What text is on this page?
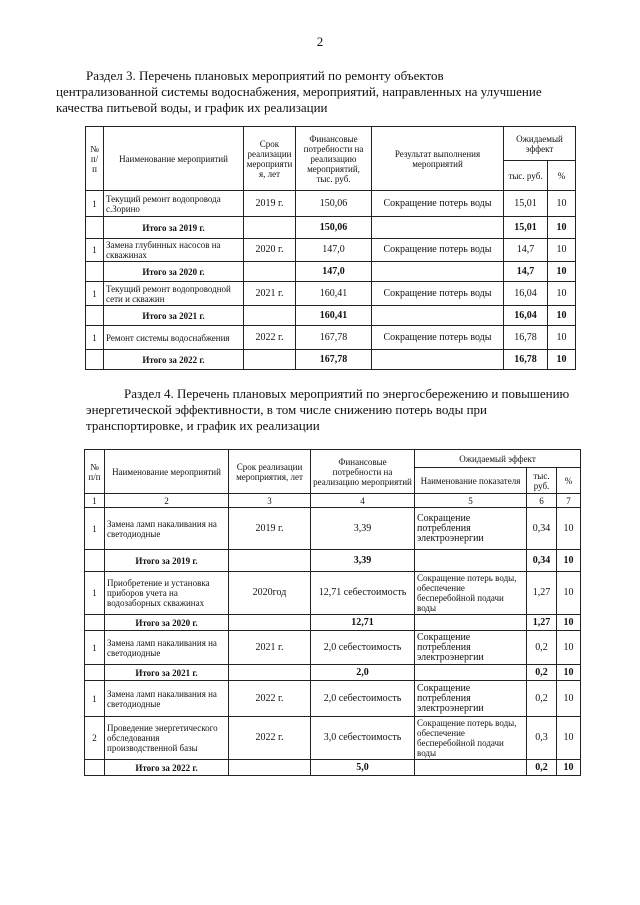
2
Раздел 3. Перечень плановых мероприятий по ремонту объектов
централизованной системы водоснабжения, мероприятий, направленных на улучшение
качества питьевой воды, и график их реализации
№ п/ п	Наименование мероприятий	Срок реализации мероприяти я, лет	Финансовые потребности на реализацию мероприятий, тыс. руб.	Результат выполнения мероприятий	Ожидаемый эффект	
					тыс. руб.	%
1	Текущий ремонт водопровода с.Зорино	2019 г.	150,06	Сокращение потерь воды	15,01	10
	Итого за 2019 г.		150,06		15,01	10
1	Замена глубинных насосов на скважинах	2020 г.	147,0	Сокращение потерь воды	14,7	10
	Итого за 2020 г.		147,0		14,7	10
1	Текущий ремонт водопроводной сети и скважин	2021 г.	160,41	Сокращение потерь воды	16,04	10
	Итого за 2021 г.		160,41		16,04	10
1	Ремонт системы водоснабжения	2022 г.	167,78	Сокращение потерь воды	16,78	10
	Итого за 2022 г.		167,78		16,78	10
Раздел 4. Перечень плановых мероприятий по энергосбережению и повышению
энергетической эффективности, в том числе снижению потерь воды при
транспортировке, и график их реализации
№ п/п	Наименование мероприятий	Срок реализации мероприятия, лет	Финансовые потребности на реализацию мероприятий	Ожидаемый эффект		
				Наименование показателя	тыс. руб.	%
1	2	3	4	5	6	7
1	Замена ламп накаливания на светодиодные	2019 г.	3,39	Сокращение потребления электроэнергии	0,34	10
	Итого за 2019 г.		3,39		0,34	10
1	Приобретение и установка приборов учета на водозаборных скважинах	2020год	12,71 себестоимость	Сокращение потерь воды, обеспечение бесперебойной подачи воды	1,27	10
	Итого за 2020 г.		12,71		1,27	10
1	Замена ламп накаливания на светодиодные	2021 г.	2,0 себестоимость	Сокращение потребления электроэнергии	0,2	10
	Итого за 2021 г.		2,0		0,2	10
1	Замена ламп накаливания на светодиодные	2022 г.	2,0 себестоимость	Сокращение потребления электроэнергии	0,2	10
2	Проведение энергетического обследования производственной базы	2022 г.	3,0 себестоимость	Сокращение потерь воды, обеспечение бесперебойной подачи воды	0,3	10
	Итого за 2022 г.		5,0		0,2	10
